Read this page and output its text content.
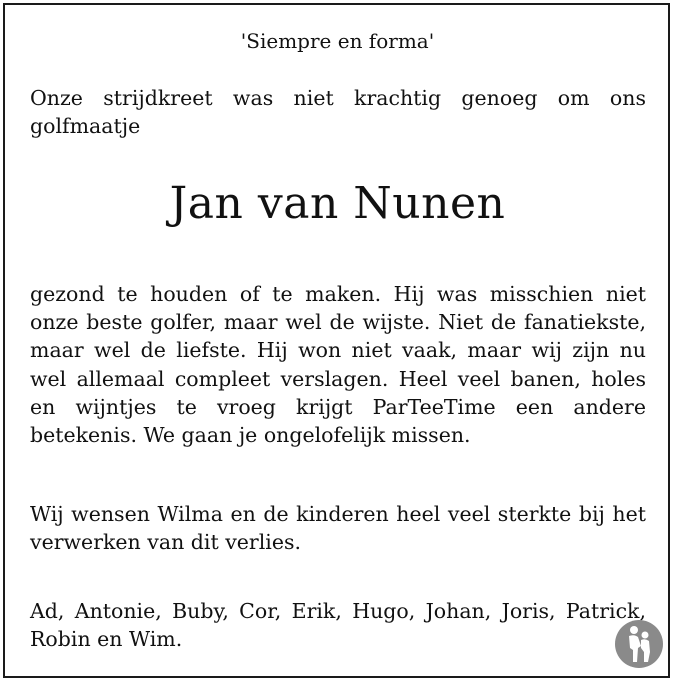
'Siempre en forma'

Onze strijdkreet was niet krachtig genoeg om ons golfmaatje

Jan van Nunen

gezond te houden of te maken. Hij was misschien niet onze beste golfer, maar wel de wijste. Niet de fanatiekste, maar wel de liefste. Hij won niet vaak, maar wij zijn nu wel allemaal compleet verslagen. Heel veel banen, holes en wijntjes te vroeg krijgt ParTeeTime een andere betekenis. We gaan je ongelofelijk missen.

Wij wensen Wilma en de kinderen heel veel sterkte bij het verwerken van dit verlies.

Ad, Antonie, Buby, Cor, Erik, Hugo, Johan, Joris, Patrick, Robin en Wim.
